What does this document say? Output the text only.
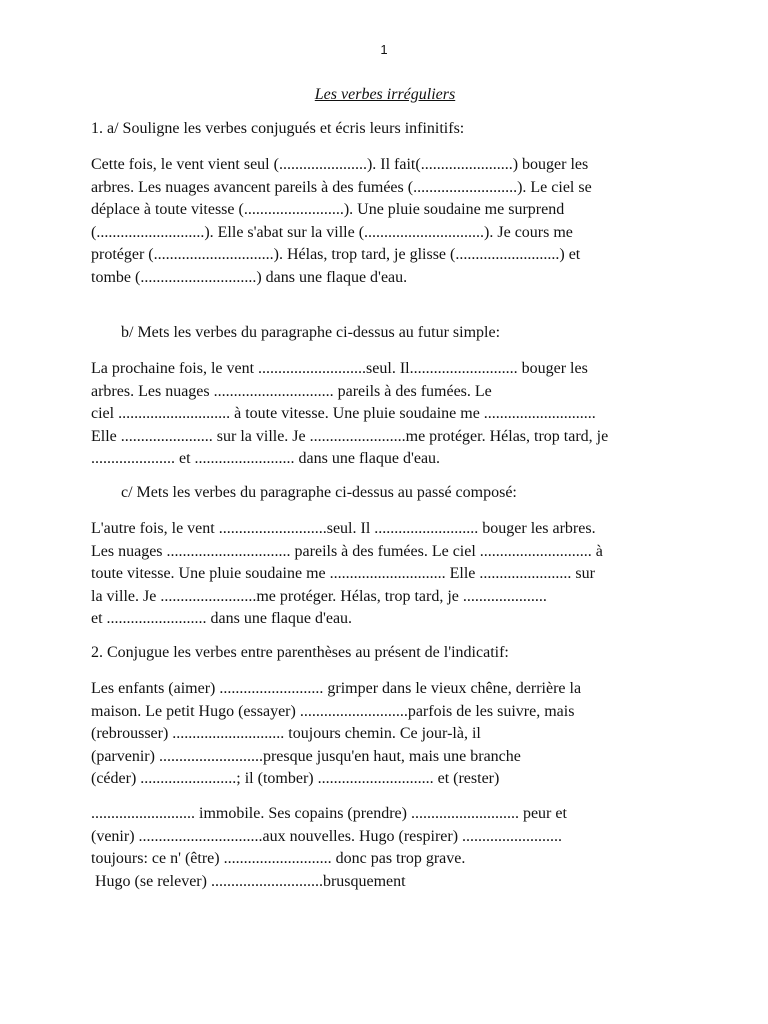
1
Les verbes irréguliers
1. a/ Souligne les verbes conjugués et écris leurs infinitifs:
Cette fois, le vent vient seul (......................). Il fait(.......................) bouger les
arbres. Les nuages avancent pareils à des fumées (..........................). Le ciel se
déplace à toute vitesse (.........................). Une pluie soudaine me surprend
(...........................). Elle s'abat sur la ville (..............................). Je cours me
protéger (..............................). Hélas, trop tard, je glisse (..........................) et
tombe (.............................) dans une flaque d'eau.
b/ Mets les verbes du paragraphe ci-dessus au futur simple:
La prochaine fois, le vent ...........................seul. Il........................... bouger les
arbres. Les nuages .............................. pareils à des fumées. Le
ciel ............................ à toute vitesse. Une pluie soudaine me ............................
Elle ....................... sur la ville. Je ........................me protéger. Hélas, trop tard, je
..................... et ......................... dans une flaque d'eau.
c/ Mets les verbes du paragraphe ci-dessus au passé composé:
L'autre fois, le vent ...........................seul. Il .......................... bouger les arbres.
Les nuages ............................... pareils à des fumées. Le ciel ............................ à
toute vitesse. Une pluie soudaine me ............................. Elle ....................... sur
la ville. Je ........................me protéger. Hélas, trop tard, je .....................
et ......................... dans une flaque d'eau.
2. Conjugue les verbes entre parenthèses au présent de l'indicatif:
Les enfants (aimer) .......................... grimper dans le vieux chêne, derrière la
maison. Le petit Hugo (essayer) ...........................parfois de les suivre, mais
(rebrousser) ............................ toujours chemin. Ce jour-là, il
(parvenir) ..........................presque jusqu'en haut, mais une branche
(céder) ........................; il (tomber) ............................. et (rester)
.......................... immobile. Ses copains (prendre) ........................... peur et
(venir) ...............................aux nouvelles. Hugo (respirer) .........................
toujours: ce n' (être) ........................... donc pas trop grave.
Hugo (se relever) ............................brusquement
